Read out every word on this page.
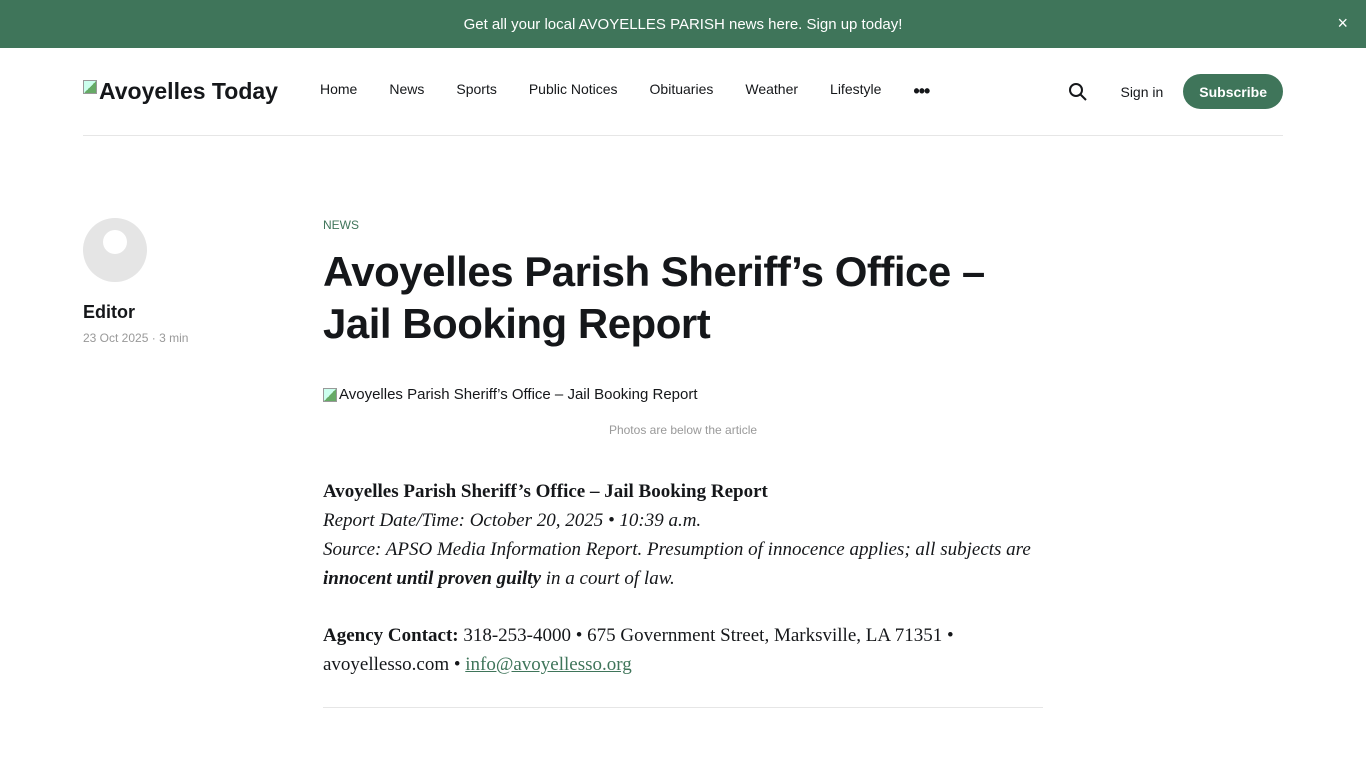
Get all your local AVOYELLES PARISH news here. Sign up today!	×
Avoyelles Today	Home News Sports Public Notices Obituaries Weather Lifestyle •••	Sign in	Subscribe
Editor
23 Oct 2025 · 3 min
NEWS
Avoyelles Parish Sheriff’s Office – Jail Booking Report
Avoyelles Parish Sheriff’s Office – Jail Booking Report
Photos are below the article

Avoyelles Parish Sheriff’s Office – Jail Booking Report
Report Date/Time: October 20, 2025 • 10:39 a.m.
Source: APSO Media Information Report. Presumption of innocence applies; all subjects are innocent until proven guilty in a court of law.

Agency Contact: 318-253-4000 • 675 Government Street, Marksville, LA 71351 • avoyellesso.com • info@avoyellesso.org
